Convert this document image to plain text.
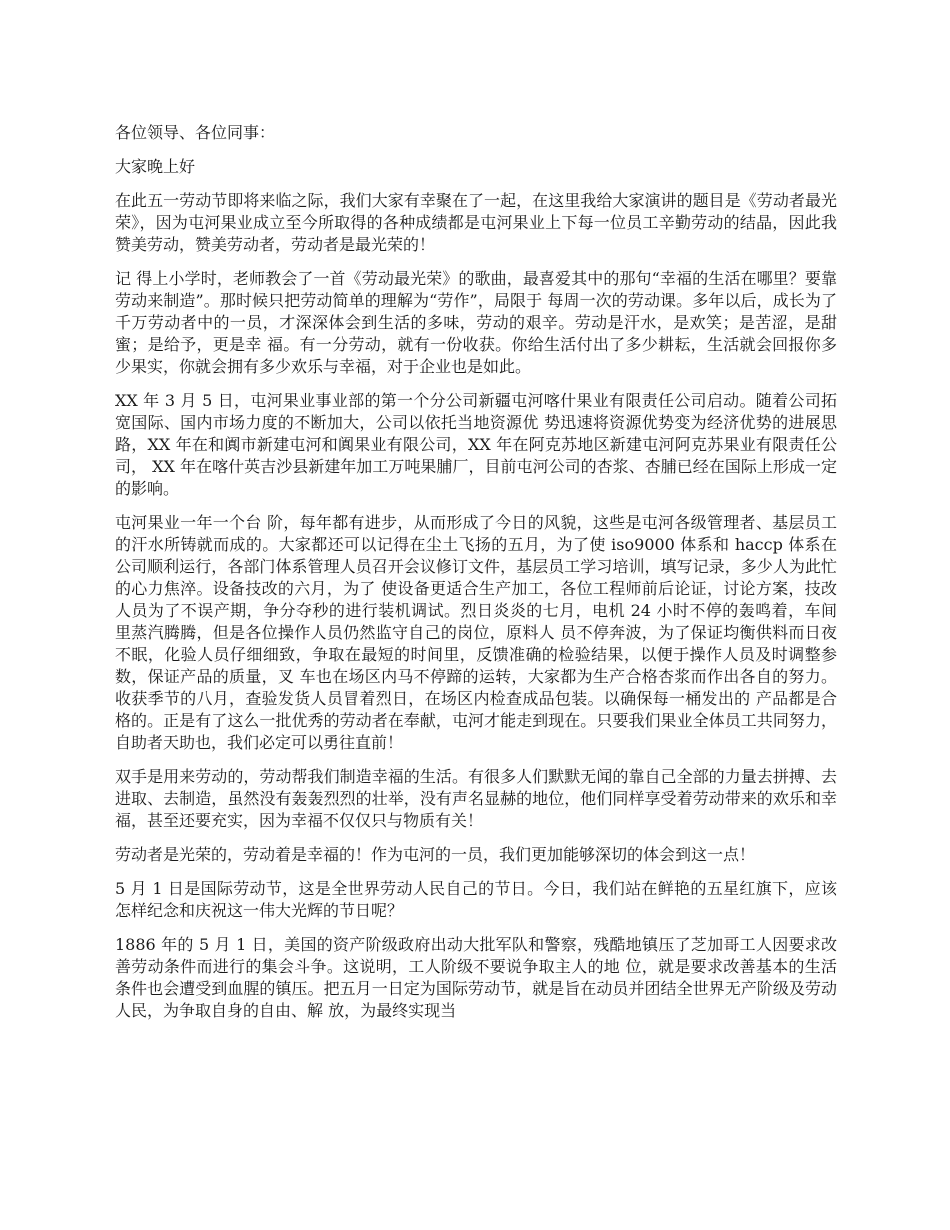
各位领导、各位同事：

大家晚上好

在此五一劳动节即将来临之际，我们大家有幸聚在了一起，在这里我给大家演讲的题目是《劳动者最光荣》，因为屯河果业成立至今所取得的各种成绩都是屯河果业上下每一位员工辛勤劳动的结晶，因此我赞美劳动，赞美劳动者，劳动者是最光荣的！

记 得上小学时，老师教会了一首《劳动最光荣》的歌曲，最喜爱其中的那句“幸福的生活在哪里？要靠劳动来制造”。那时候只把劳动简单的理解为“劳作”，局限于 每周一次的劳动课。多年以后，成长为了千万劳动者中的一员，才深深体会到生活的多味，劳动的艰辛。劳动是汗水，是欢笑；是苦涩，是甜蜜；是给予，更是幸 福。有一分劳动，就有一份收获。你给生活付出了多少耕耘，生活就会回报你多少果实，你就会拥有多少欢乐与幸福，对于企业也是如此。

XX 年 3 月 5 日，屯河果业事业部的第一个分公司新疆屯河喀什果业有限责任公司启动。随着公司拓宽国际、国内市场力度的不断加大，公司以依托当地资源优 势迅速将资源优势变为经济优势的进展思路，XX 年在和阗市新建屯河和阗果业有限公司，XX 年在阿克苏地区新建屯河阿克苏果业有限责任公司， XX 年在喀什英吉沙县新建年加工万吨果脯厂，目前屯河公司的杏浆、杏脯已经在国际上形成一定的影响。

屯河果业一年一个台 阶，每年都有进步，从而形成了今日的风貌，这些是屯河各级管理者、基层员工的汗水所铸就而成的。大家都还可以记得在尘土飞扬的五月，为了使 iso9000 体系和 haccp 体系在公司顺利运行，各部门体系管理人员召开会议修订文件，基层员工学习培训，填写记录，多少人为此忙的心力焦淬。设备技改的六月，为了 使设备更适合生产加工，各位工程师前后论证，讨论方案，技改人员为了不误产期，争分夺秒的进行装机调试。烈日炎炎的七月，电机 24 小时不停的轰鸣着，车间 里蒸汽腾腾，但是各位操作人员仍然监守自己的岗位，原料人 员不停奔波，为了保证均衡供料而日夜不眠，化验人员仔细细致，争取在最短的时间里，反馈准确的检验结果，以便于操作人员及时调整参数，保证产品的质量，叉 车也在场区内马不停蹄的运转，大家都为生产合格杏浆而作出各自的努力。收获季节的八月，查验发货人员冒着烈日，在场区内检查成品包装。以确保每一桶发出的 产品都是合格的。正是有了这么一批优秀的劳动者在奉献，屯河才能走到现在。只要我们果业全体员工共同努力，自助者天助也，我们必定可以勇往直前！

双手是用来劳动的，劳动帮我们制造幸福的生活。有很多人们默默无闻的靠自己全部的力量去拼搏、去进取、去制造，虽然没有轰轰烈烈的壮举，没有声名显赫的地位，他们同样享受着劳动带来的欢乐和幸福，甚至还要充实，因为幸福不仅仅只与物质有关！

劳动者是光荣的，劳动着是幸福的！作为屯河的一员，我们更加能够深切的体会到这一点！

5 月 1 日是国际劳动节，这是全世界劳动人民自己的节日。今日，我们站在鲜艳的五星红旗下，应该怎样纪念和庆祝这一伟大光辉的节日呢？

1886 年的 5 月 1 日，美国的资产阶级政府出动大批军队和警察，残酷地镇压了芝加哥工人因要求改善劳动条件而进行的集会斗争。这说明，工人阶级不要说争取主人的地 位，就是要求改善基本的生活条件也会遭受到血腥的镇压。把五月一日定为国际劳动节，就是旨在动员并团结全世界无产阶级及劳动人民，为争取自身的自由、解 放，为最终实现当
